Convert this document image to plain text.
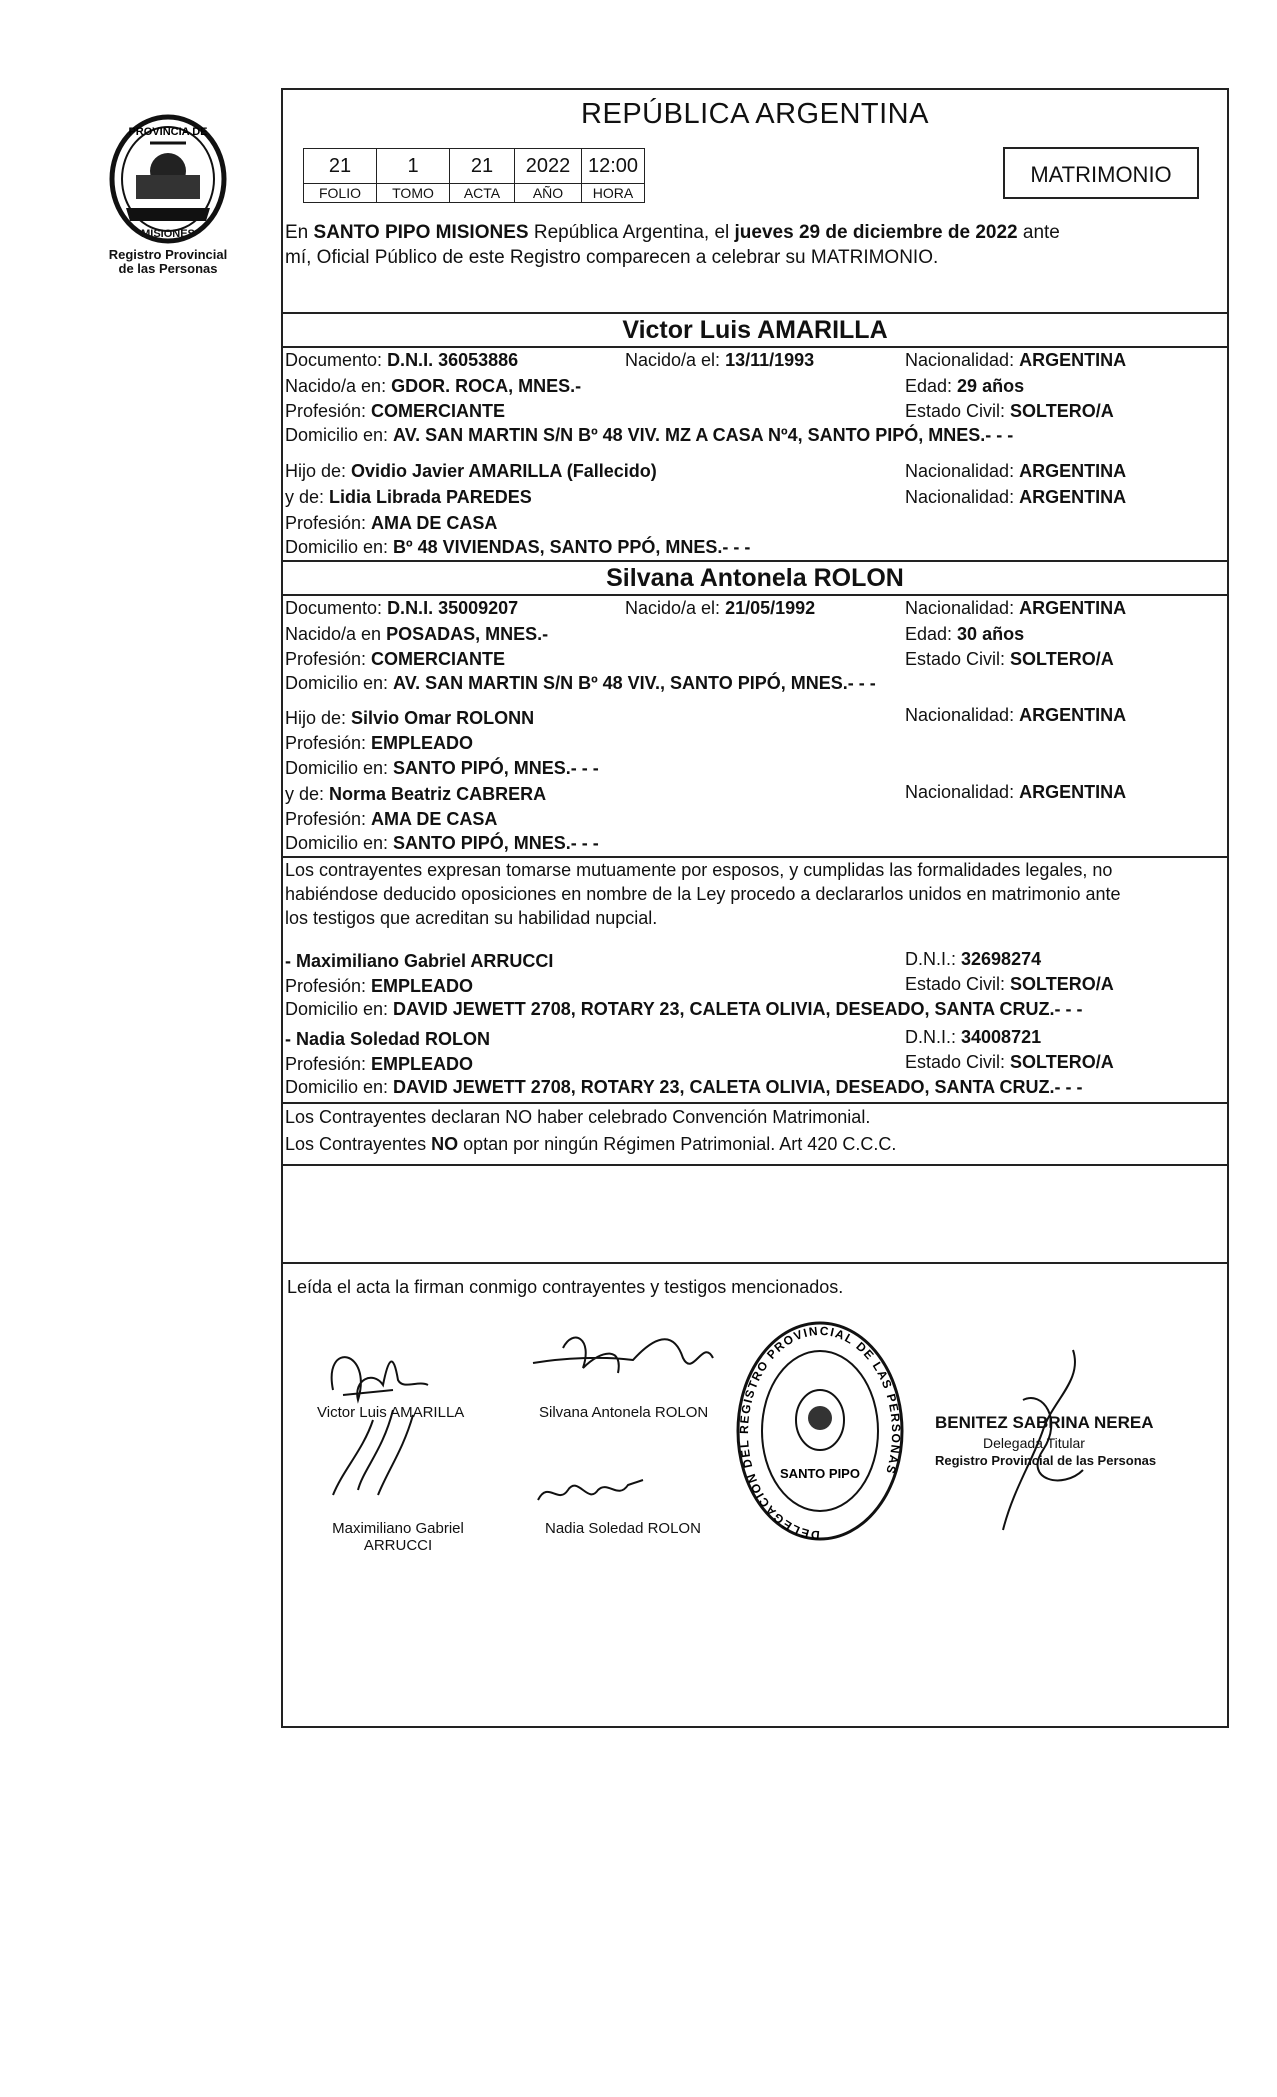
PROVINCIA DE
MISIONES
Registro Provincial
de las Personas
REPÚBLICA ARGENTINA
21	1	21	2022	12:00
FOLIO	TOMO	ACTA	AÑO	HORA
MATRIMONIO
En SANTO PIPO MISIONES República Argentina, el jueves 29 de diciembre de 2022 ante
mí, Oficial Público de este Registro comparecen a celebrar su MATRIMONIO.
Victor Luis AMARILLA
Documento: D.N.I. 36053886	Nacido/a el: 13/11/1993	Nacionalidad: ARGENTINA
Nacido/a en: GDOR. ROCA, MNES.-	Edad: 29 años
Profesión: COMERCIANTE	Estado Civil: SOLTERO/A
Domicilio en: AV. SAN MARTIN S/N Bº 48 VIV. MZ A CASA Nº4, SANTO PIPÓ, MNES.- - -
Hijo de: Ovidio Javier AMARILLA (Fallecido)	Nacionalidad: ARGENTINA
y de: Lidia Librada PAREDES	Nacionalidad: ARGENTINA
Profesión: AMA DE CASA
Domicilio en: Bº 48 VIVIENDAS, SANTO PPÓ, MNES.- - -
Silvana Antonela ROLON
Documento: D.N.I. 35009207	Nacido/a el: 21/05/1992	Nacionalidad: ARGENTINA
Nacido/a en POSADAS, MNES.-	Edad: 30 años
Profesión: COMERCIANTE	Estado Civil: SOLTERO/A
Domicilio en: AV. SAN MARTIN S/N Bº 48 VIV., SANTO PIPÓ, MNES.- - -
Hijo de: Silvio Omar ROLONN	Nacionalidad: ARGENTINA
Profesión: EMPLEADO
Domicilio en: SANTO PIPÓ, MNES.- - -
y de: Norma Beatriz CABRERA	Nacionalidad: ARGENTINA
Profesión: AMA DE CASA
Domicilio en: SANTO PIPÓ, MNES.- - -
Los contrayentes expresan tomarse mutuamente por esposos, y cumplidas las formalidades legales, no
habiéndose deducido oposiciones en nombre de la Ley procedo a declararlos unidos en matrimonio ante
los testigos que acreditan su habilidad nupcial.
- Maximiliano Gabriel ARRUCCI	D.N.I.: 32698274
Profesión: EMPLEADO	Estado Civil: SOLTERO/A
Domicilio en: DAVID JEWETT 2708, ROTARY 23, CALETA OLIVIA, DESEADO, SANTA CRUZ.- - -
- Nadia Soledad ROLON	D.N.I.: 34008721
Profesión: EMPLEADO	Estado Civil: SOLTERO/A
Domicilio en: DAVID JEWETT 2708, ROTARY 23, CALETA OLIVIA, DESEADO, SANTA CRUZ.- - -
Los Contrayentes declaran NO haber celebrado Convención Matrimonial.
Los Contrayentes NO optan por ningún Régimen Patrimonial. Art 420 C.C.C.
Leída el acta la firman conmigo contrayentes y testigos mencionados.
Victor Luis AMARILLA	Silvana Antonela ROLON
Maximiliano Gabriel
ARRUCCI
Nadia Soledad ROLON	DELEGACION DEL REGISTRO PROVINCIAL DE LAS PERSONAS
SANTO PIPO
BENITEZ SABRINA NEREA
Delegada Titular
Registro Provincial de las Personas
